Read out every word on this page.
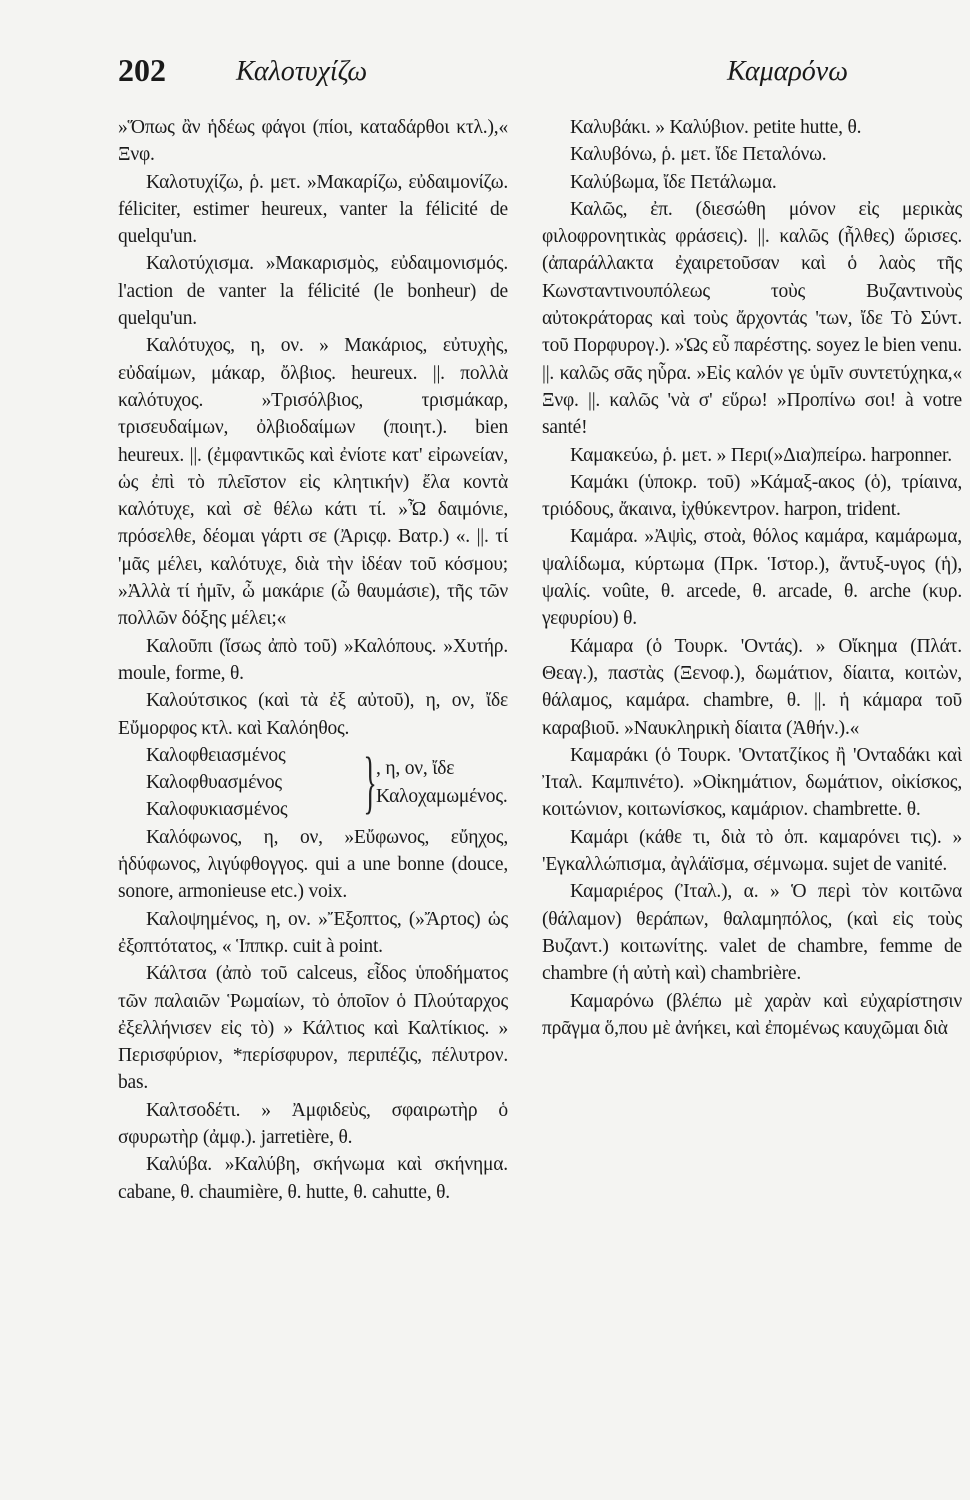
202	Καλοτυχίζω	Καμαρόνω

»Ὅπως ἂν ἡδέως φάγοι (πίοι, καταδάρθοι κτλ.),« Ξνφ.

Καλοτυχίζω, ῥ. μετ. »Μακαρίζω, εὐδαιμονίζω. féliciter, estimer heureux, vanter la félicité de quelqu'un.

Καλοτύχισμα. »Μακαρισμὸς, εὐδαιμονισμός. l'action de vanter la félicité (le bonheur) de quelqu'un.

Καλότυχος, η, ον. » Μακάριος, εὐτυχὴς, εὐδαίμων, μάκαρ, ὄλβιος. heureux. ||. πολλὰ καλότυχος. »Τρισόλβιος, τρισμάκαρ, τρισευδαίμων, ὀλβιοδαίμων (ποιητ.). bien heureux. ||. (ἐμφαντικῶς καὶ ἐνίοτε κατ' εἰρωνείαν, ὡς ἐπὶ τὸ πλεῖστον εἰς κλητικήν) ἔλα κοντὰ καλότυχε, καὶ σὲ θέλω κάτι τί. »Ὦ δαιμόνιε, πρόσελθε, δέομαι γάρτι σε (Ἀριςφ. Βατρ.) «. ||. τί 'μᾶς μέλει, καλότυχε, διὰ τὴν ἰδέαν τοῦ κόσμου; »Ἀλλὰ τί ἡμῖν, ὦ μακάριε (ὦ θαυμάσιε), τῆς τῶν πολλῶν δόξης μέλει;«

Καλοῦπι (ἴσως ἀπὸ τοῦ) »Καλόπους. »Χυτήρ. moule, forme, θ.

Καλούτσικος (καὶ τὰ ἐξ αὐτοῦ), η, ον, ἴδε Εὔμορφος κτλ. καὶ Καλόηθος.

Καλοφθειασμένος
Καλοφθυασμένος
Καλοφυκιασμένος	} , η, ον, ἴδε Καλοχαμωμένος.

Καλόφωνος, η, ον, »Εὔφωνος, εὔηχος, ἡδύφωνος, λιγύφθογγος. qui a une bonne (douce, sonore, armonieuse etc.) voix.

Καλοψημένος, η, ον. »Ἔξοπτος, (»Ἄρτος) ὡς ἐξοπτότατος, « Ἱππκρ. cuit à point.

Κάλτσα (ἀπὸ τοῦ calceus, εἶδος ὑποδήματος τῶν παλαιῶν Ῥωμαίων, τὸ ὁποῖον ὁ Πλούταρχος ἐξελλήνισεν εἰς τὸ) » Κάλτιος καὶ Καλτίκιος. » Περισφύριον, *περίσφυρον, περιπέζις, πέλυτρον. bas.

Καλτσοδέτι. » Ἀμφιδεὺς, σφαιρωτὴρ ὁ σφυρωτὴρ (ἀμφ.). jarretière, θ.

Καλύβα. »Καλύβη, σκήνωμα καὶ σκήνημα. cabane, θ. chaumière, θ. hutte, θ. cahutte, θ.

Καλυβάκι. » Καλύβιον. petite hutte, θ.

Καλυβόνω, ῥ. μετ. ἴδε Πεταλόνω.

Καλύβωμα, ἴδε Πετάλωμα.

Καλῶς, ἐπ. (διεσώθη μόνον εἰς μερικὰς φιλοφρονητικὰς φράσεις). ||. καλῶς (ἦλθες) ὥρισες. (ἀπαράλλακτα ἐχαιρετοῦσαν καὶ ὁ λαὸς τῆς Κωνσταντινουπόλεως τοὺς Βυζαντινοὺς αὐτοκράτορας καὶ τοὺς ἄρχοντάς 'των, ἴδε Τὸ Σύντ. τοῦ Πορφυρογ.). »Ὡς εὖ παρέστης. soyez le bien venu. ||. καλῶς σᾶς ηὗρα. »Εἰς καλόν γε ὑμῖν συντετύχηκα,« Ξνφ. ||. καλῶς 'νὰ σ' εὕρω! »Προπίνω σοι! à votre santé!

Καμακεύω, ῥ. μετ. » Περι(»Δια)πείρω. harponner.

Καμάκι (ὑποκρ. τοῦ) »Κάμαξ-ακος (ὁ), τρίαινα, τριόδους, ἄκαινα, ἰχθύκεντρον. harpon, trident.

Καμάρα. »Ἀψὶς, στοὰ, θόλος καμάρα, καμάρωμα, ψαλίδωμα, κύρτωμα (Πρκ. Ἱστορ.), ἄντυξ-υγος (ἡ), ψαλίς. voûte, θ. arcede, θ. arcade, θ. arche (κυρ. γεφυρίου) θ.

Κάμαρα (ὁ Τουρκ. 'Οντάς). » Οἴκημα (Πλάτ. Θεαγ.), παστὰς (Ξενοφ.), δωμάτιον, δίαιτα, κοιτὼν, θάλαμος, καμάρα. chambre, θ. ||. ἡ κάμαρα τοῦ καραβιοῦ. »Ναυκληρικὴ δίαιτα (Ἀθήν.).«

Καμαράκι (ὁ Τουρκ. 'Οντατζίκος ἢ 'Ονταδάκι καὶ Ἰταλ. Καμπινέτο). »Οἰκημάτιον, δωμάτιον, οἰκίσκος, κοιτώνιον, κοιτωνίσκος, καμάριον. chambrette. θ.

Καμάρι (κάθε τι, διὰ τὸ ὁπ. καμαρόνει τις). » 'Εγκαλλώπισμα, ἀγλάϊσμα, σέμνωμα. sujet de vanité.

Καμαριέρος (Ἰταλ.), α. » Ὁ περὶ τὸν κοιτῶνα (θάλαμον) θεράπων, θαλαμηπόλος, (καὶ εἰς τοὺς Βυζαντ.) κοιτωνίτης. valet de chambre, femme de chambre (ἡ αὐτὴ καὶ) chambrière.

Καμαρόνω (βλέπω μὲ χαρὰν καὶ εὐχαρίστησιν πρᾶγμα ὅ,που μὲ ἀνήκει, καὶ ἐπομένως καυχῶμαι διὰ
